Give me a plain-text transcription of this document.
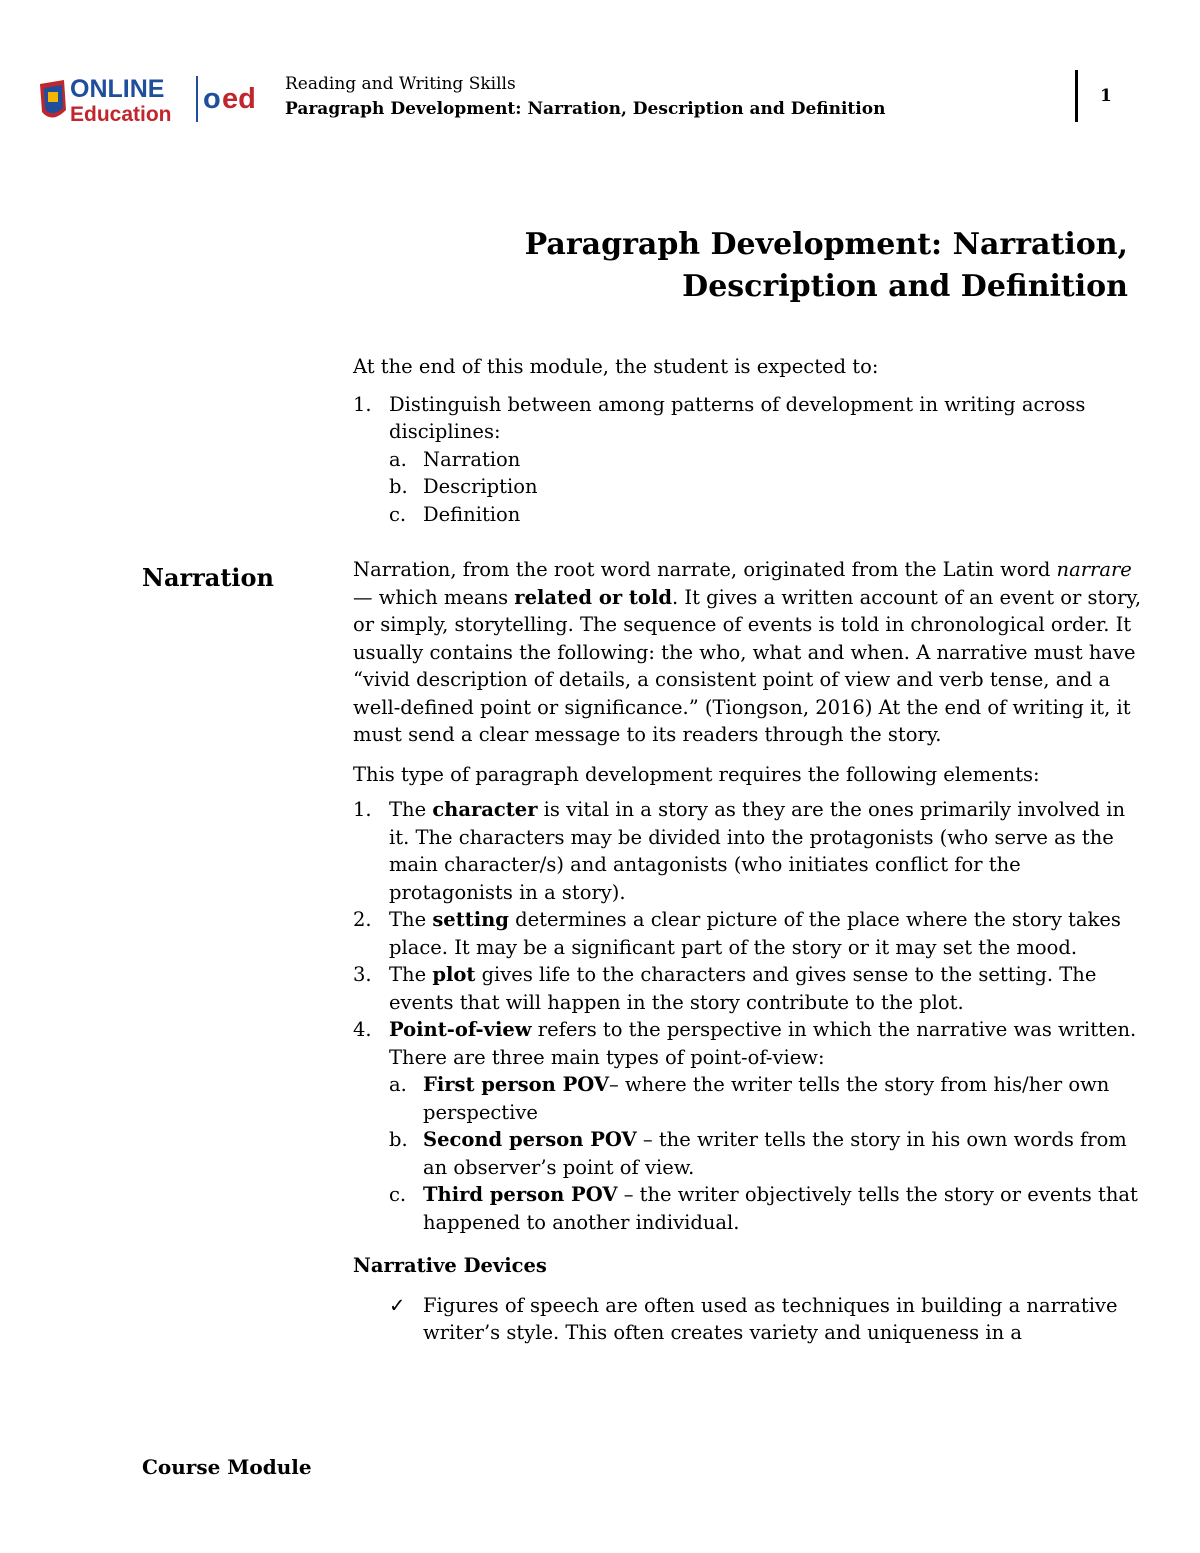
ONLINE
Education o ed Reading and Writing Skills
Paragraph Development: Narration, Description and Definition
1
Paragraph Development: Narration,
Description and Definition
Narration

At the end of this module, the student is expected to:

1. Distinguish between among patterns of development in writing across disciplines:
a. Narration
b. Description
c. Definition

Narration, from the root word narrate, originated from the Latin word narrare— which means related or told. It gives a written account of an event or story, or simply, storytelling. The sequence of events is told in chronological order. It usually contains the following: the who, what and when. A narrative must have “vivid description of details, a consistent point of view and verb tense, and a well-defined point or significance.” (Tiongson, 2016) At the end of writing it, it must send a clear message to its readers through the story.

This type of paragraph development requires the following elements:

1. The character is vital in a story as they are the ones primarily involved in it. The characters may be divided into the protagonists (who serve as the main character/s) and antagonists (who initiates conflict for the protagonists in a story).
2. The setting determines a clear picture of the place where the story takes place. It may be a significant part of the story or it may set the mood.
3. The plot gives life to the characters and gives sense to the setting. The events that will happen in the story contribute to the plot.
4. Point-of-view refers to the perspective in which the narrative was written. There are three main types of point-of-view:
a. First person POV– where the writer tells the story from his/her own perspective
b. Second person POV – the writer tells the story in his own words from an observer’s point of view.
c. Third person POV – the writer objectively tells the story or events that happened to another individual.

Narrative Devices

✓ Figures of speech are often used as techniques in building a narrative writer’s style. This often creates variety and uniqueness in a
Course Module
